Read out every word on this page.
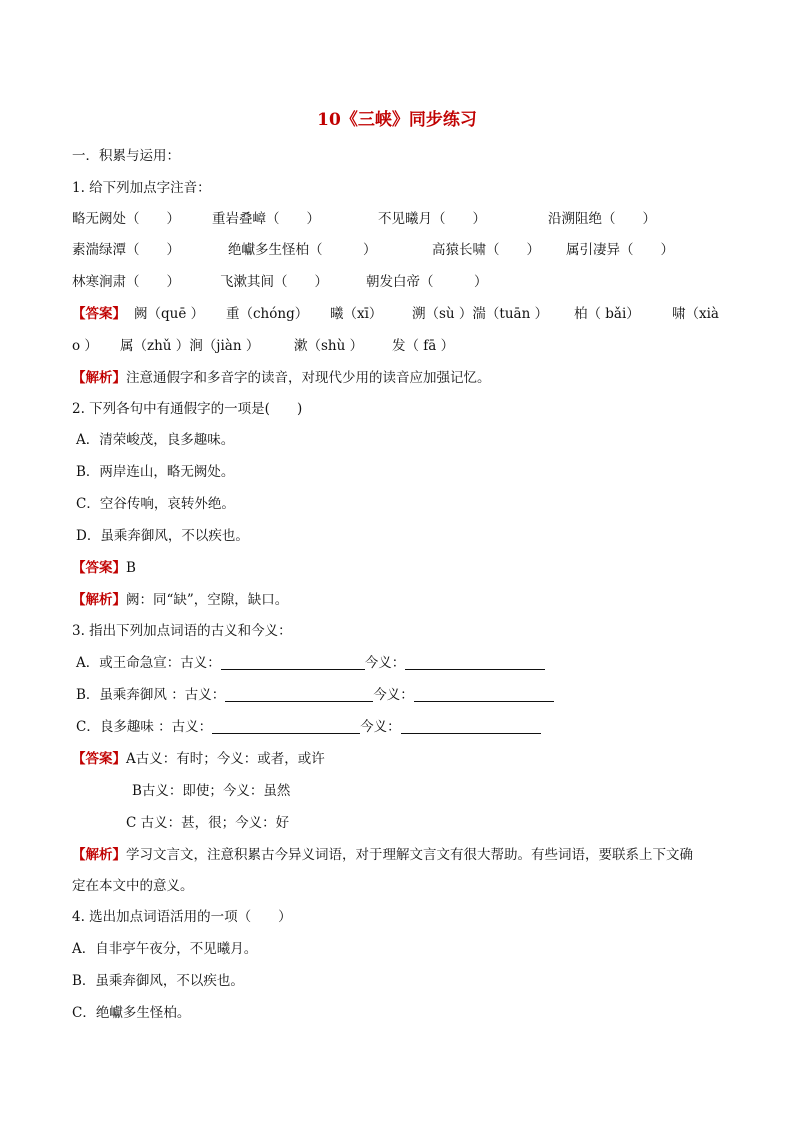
10《三峡》同步练习
一．积累与运用：
1. 给下列加点字注音：
略无阙处（　　） 重岩叠嶂（　　）	不见曦月（　　）	沿溯阻绝（　　）
素湍绿潭（　　）	绝巘多生怪柏（　　　）	高猿长啸（　　） 属引凄异（　　）
林寒涧肃（　　）	飞漱其间（　　）	朝发白帝（　　　）
【答案】 阙（quē ） 重（chóng） 曦（xī） 溯（sù ）湍（tuān ） 柏（ bǎi） 啸（xià
o ） 属（zhǔ ）涧（jiàn ）	漱（shù ） 发（ fā ）
【解析】注意通假字和多音字的读音，对现代少用的读音应加强记忆。
2. 下列各句中有通假字的一项是(　　)
A．清荣峻茂，良多趣味。
B．两岸连山，略无阙处。
C．空谷传响，哀转外绝。
D．虽乘奔御风，不以疾也。
【答案】B
【解析】阙：同“缺”，空隙，缺口。
3. 指出下列加点词语的古义和今义：
A．或王命急宣：古义：	今义：
B．虽乘奔御风 ：古义：	今义：
C．良多趣味 ：古义：	今义：
【答案】A古义：有时；今义：或者，或许
B古义：即使；今义：虽然
C 古义：甚，很；今义：好
【解析】学习文言文，注意积累古今异义词语，对于理解文言文有很大帮助。有些词语，要联系上下文确
定在本文中的意义。
4. 选出加点词语活用的一项（　　）
A．自非亭午夜分，不见曦月。
B．虽乘奔御风，不以疾也。
C．绝巘多生怪柏。
